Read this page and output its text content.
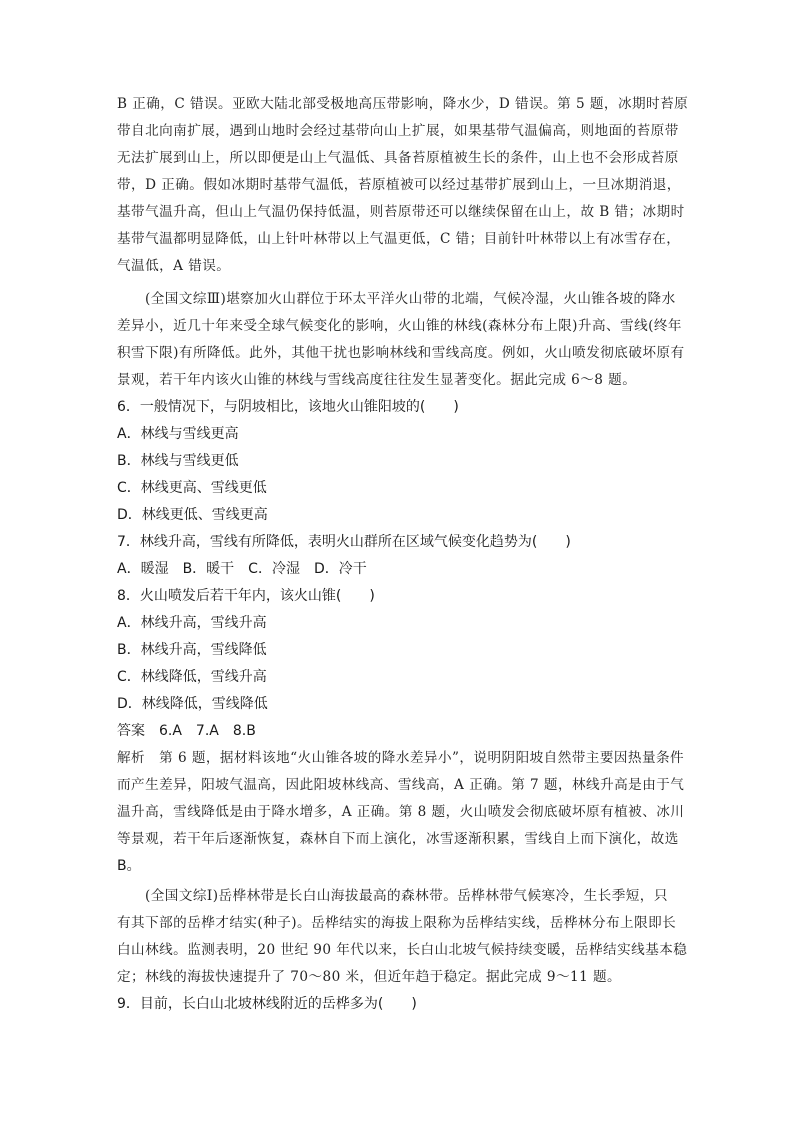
B 正确，C 错误。亚欧大陆北部受极地高压带影响，降水少，D 错误。第 5 题，冰期时苔原
带自北向南扩展，遇到山地时会经过基带向山上扩展，如果基带气温偏高，则地面的苔原带
无法扩展到山上，所以即便是山上气温低、具备苔原植被生长的条件，山上也不会形成苔原
带，D 正确。假如冰期时基带气温低，苔原植被可以经过基带扩展到山上，一旦冰期消退，
基带气温升高，但山上气温仍保持低温，则苔原带还可以继续保留在山上，故 B 错；冰期时
基带气温都明显降低，山上针叶林带以上气温更低，C 错；目前针叶林带以上有冰雪存在，
气温低，A 错误。
(全国文综Ⅲ)堪察加火山群位于环太平洋火山带的北端，气候冷湿，火山锥各坡的降水
差异小，近几十年来受全球气候变化的影响，火山锥的林线(森林分布上限)升高、雪线(终年
积雪下限)有所降低。此外，其他干扰也影响林线和雪线高度。例如，火山喷发彻底破坏原有
景观，若干年内该火山锥的林线与雪线高度往往发生显著变化。据此完成 6～8 题。
6．一般情况下，与阴坡相比，该地火山锥阳坡的(　　)
A．林线与雪线更高
B．林线与雪线更低
C．林线更高、雪线更低
D．林线更低、雪线更高
7．林线升高，雪线有所降低，表明火山群所在区域气候变化趋势为(　　)
A．暖湿　B．暖干　C．冷湿　D．冷干
8．火山喷发后若干年内，该火山锥(　　)
A．林线升高，雪线升高
B．林线升高，雪线降低
C．林线降低，雪线升高
D．林线降低，雪线降低
答案　6.A　7.A　8.B
解析　第 6 题，据材料该地“火山锥各坡的降水差异小”，说明阴阳坡自然带主要因热量条件
而产生差异，阳坡气温高，因此阳坡林线高、雪线高，A 正确。第 7 题，林线升高是由于气
温升高，雪线降低是由于降水增多，A 正确。第 8 题，火山喷发会彻底破坏原有植被、冰川
等景观，若干年后逐渐恢复，森林自下而上演化，冰雪逐渐积累，雪线自上而下演化，故选
B。
(全国文综Ⅰ)岳桦林带是长白山海拔最高的森林带。岳桦林带气候寒冷，生长季短，只
有其下部的岳桦才结实(种子)。岳桦结实的海拔上限称为岳桦结实线，岳桦林分布上限即长
白山林线。监测表明，20 世纪 90 年代以来，长白山北坡气候持续变暖，岳桦结实线基本稳
定；林线的海拔快速提升了 70～80 米，但近年趋于稳定。据此完成 9～11 题。
9．目前，长白山北坡林线附近的岳桦多为(　　)
